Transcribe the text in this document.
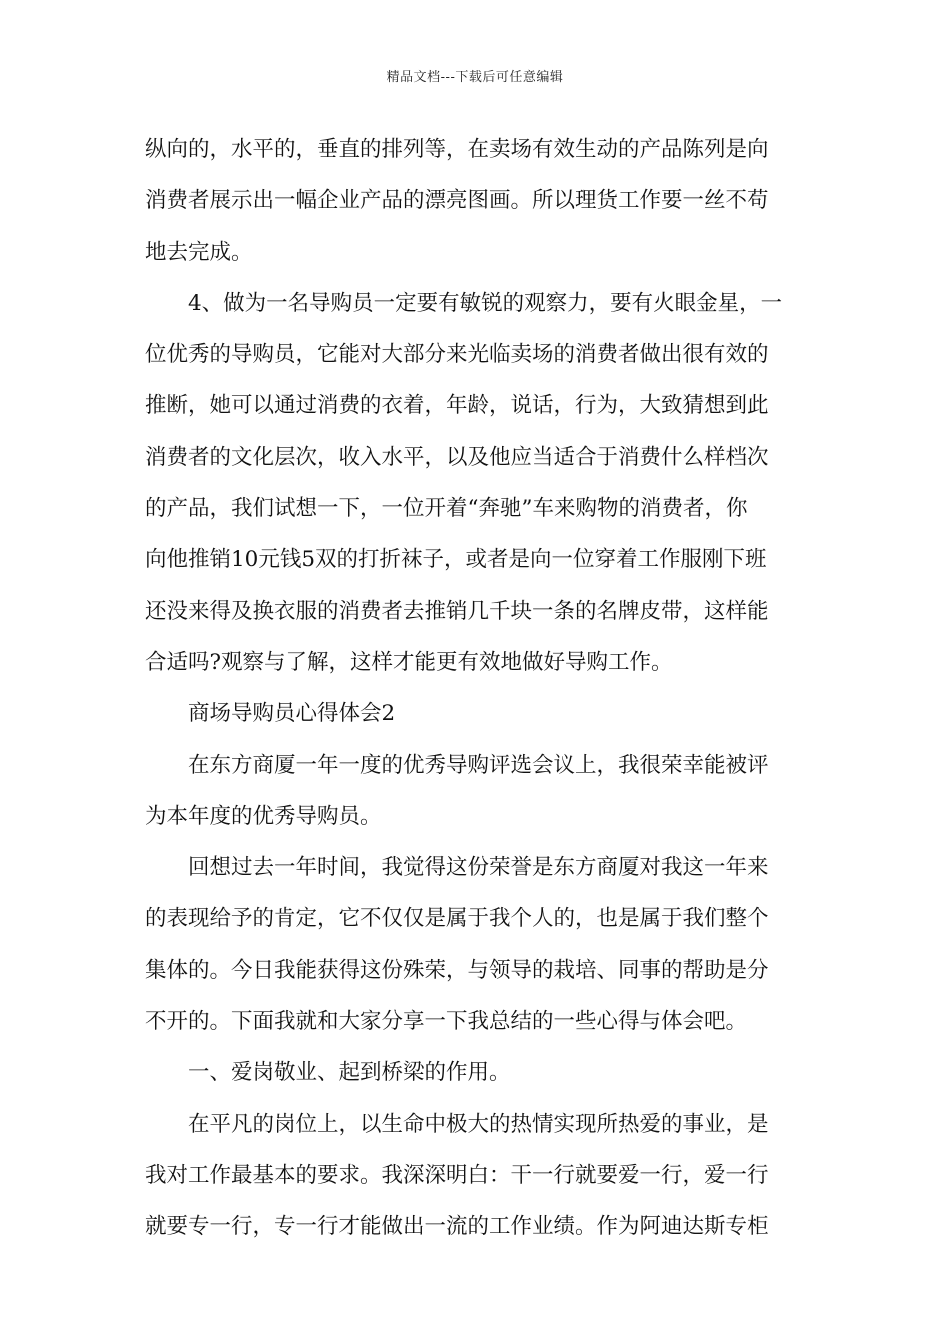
精品文档---下载后可任意编辑
纵向的，水平的，垂直的排列等，在卖场有效生动的产品陈列是向
消费者展示出一幅企业产品的漂亮图画。所以理货工作要一丝不苟
地去完成。
4、做为一名导购员一定要有敏锐的观察力，要有火眼金星，一
位优秀的导购员，它能对大部分来光临卖场的消费者做出很有效的
推断，她可以通过消费的衣着，年龄，说话，行为，大致猜想到此
消费者的文化层次，收入水平，以及他应当适合于消费什么样档次
的产品，我们试想一下，一位开着“奔驰”车来购物的消费者，你
向他推销10元钱5双的打折袜子，或者是向一位穿着工作服刚下班
还没来得及换衣服的消费者去推销几千块一条的名牌皮带，这样能
合适吗?观察与了解，这样才能更有效地做好导购工作。
商场导购员心得体会2
在东方商厦一年一度的优秀导购评选会议上，我很荣幸能被评
为本年度的优秀导购员。
回想过去一年时间，我觉得这份荣誉是东方商厦对我这一年来
的表现给予的肯定，它不仅仅是属于我个人的，也是属于我们整个
集体的。今日我能获得这份殊荣，与领导的栽培、同事的帮助是分
不开的。下面我就和大家分享一下我总结的一些心得与体会吧。
一、爱岗敬业、起到桥梁的作用。
在平凡的岗位上，以生命中极大的热情实现所热爱的事业，是
我对工作最基本的要求。我深深明白：干一行就要爱一行，爱一行
就要专一行，专一行才能做出一流的工作业绩。作为阿迪达斯专柜
